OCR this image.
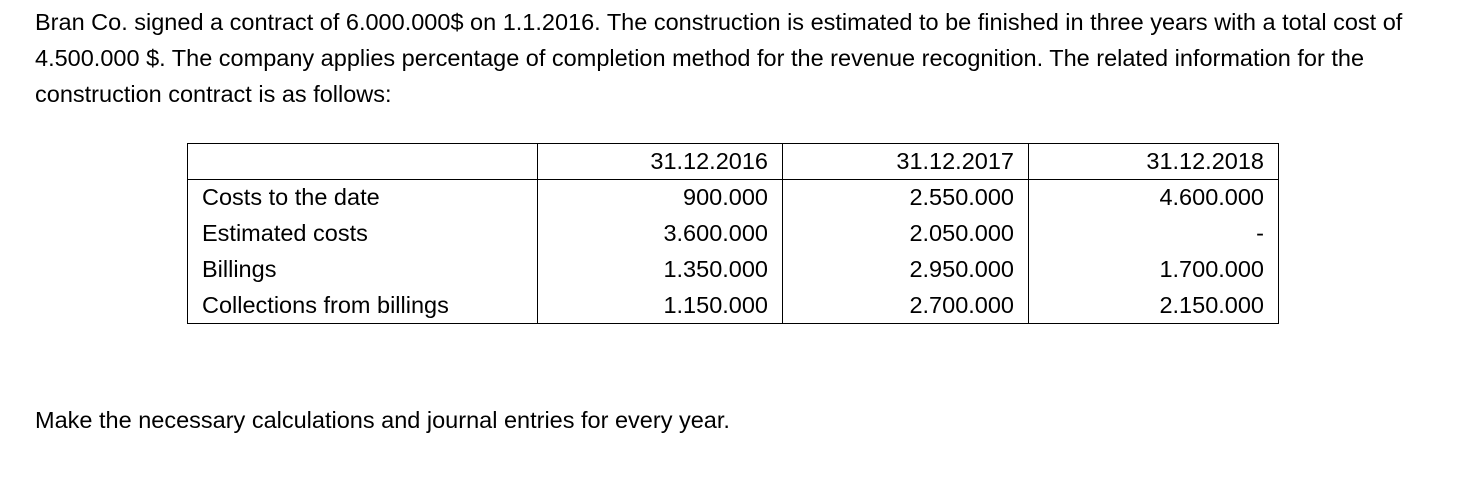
Bran Co. signed a contract of 6.000.000$ on 1.1.2016. The construction is estimated to be finished in three years with a total cost of 4.500.000 $. The company applies percentage of completion method for the revenue recognition. The related information for the construction contract is as follows:

	31.12.2016	31.12.2017	31.12.2018
Costs to the date	900.000	2.550.000	4.600.000
Estimated costs	3.600.000	2.050.000	-
Billings	1.350.000	2.950.000	1.700.000
Collections from billings	1.150.000	2.700.000	2.150.000

Make the necessary calculations and journal entries for every year.
